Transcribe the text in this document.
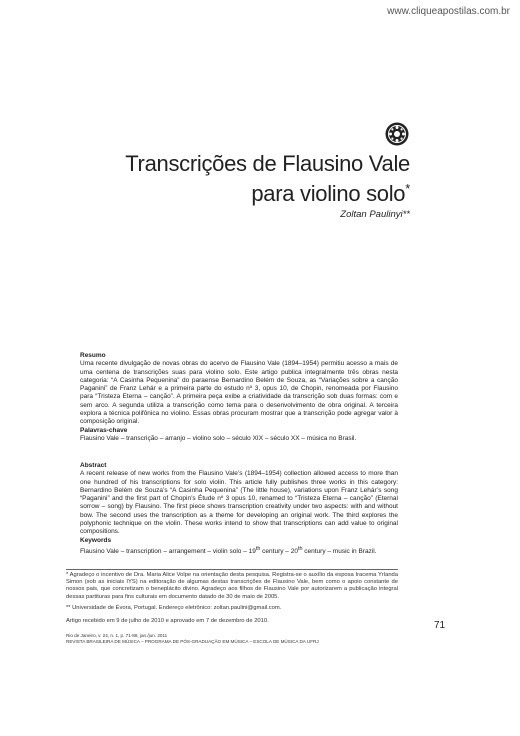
www.cliqueapostilas.com.br
Transcrições de Flausino Vale
para violino solo*
Zoltan Paulinyi**
Resumo

Uma recente divulgação de novas obras do acervo de Flausino Vale (1894–1954) permitiu acesso a mais de uma centena de transcrições suas para violino solo. Este artigo publica integralmente três obras nesta categoria: “A Casinha Pequenina” do paraense Bernardino Belém de Souza, as “Variações sobre a canção Paganini” de Franz Lehár e a primeira parte do estudo nº 3, opus 10, de Chopin, renomeada por Flausino para “Tristeza Eterna – canção”. A primeira peça exibe a criatividade da transcrição sob duas formas: com e sem arco. A segunda utiliza a transcrição como tema para o desenvolvimento de obra original. A terceira explora a técnica polifônica no violino. Essas obras procuram mostrar que a transcrição pode agregar valor à composição original.

Palavras-chave

Flausino Vale – transcrição – arranjo – violino solo – século XIX – século XX – música no Brasil.

Abstract

A recent release of new works from the Flausino Vale’s (1894–1954) collection allowed access to more than one hundred of his transcriptions for solo violin. This article fully publishes three works in this category: Bernardino Belém de Souza’s “A Casinha Pequenina” (The little house), variations upon Franz Lehár’s song “Paganini” and the first part of Chopin’s Étude nº 3 opus 10, renamed to “Tristeza Eterna – canção” (Eternal sorrow – song) by Flausino. The first piece shows transcription creativity under two aspects: with and without bow. The second uses the transcription as a theme for developing an original work. The third explores the polyphonic technique on the violin. These works intend to show that transcriptions can add value to original compositions.

Keywords

Flausino Vale – transcription – arrangement – violin solo – 19th century – 20th century – music in Brazil.

* Agradeço o incentivo de Dra. Maria Alice Volpe na orientação desta pesquisa. Registra-se o auxílio da esposa Iracema Yrlanda Simon (sob as iniciais IYS) na editoração de algumas destas transcrições de Flausino Vale, bem como o apoio constante de nossos pais, que concretizam o beneplácito divino. Agradeço aos filhos de Flausino Vale por autorizarem a publicação integral dessas partituras para fins culturais em documento datado de 30 de maio de 2005.

** Universidade de Évora, Portugal. Endereço eletrônico: zoltan.paulini@gmail.com.

Artigo recebido em 9 de julho de 2010 e aprovado em 7 de dezembro de 2010.	71
Rio de Janeiro, v. 24, n. 1, p. 71-88, jan./jun. 2011
REVISTA BRASILEIRA DE MÚSICA – PROGRAMA DE PÓS-GRADUAÇÃO EM MÚSICA – ESCOLA DE MÚSICA DA UFRJ
